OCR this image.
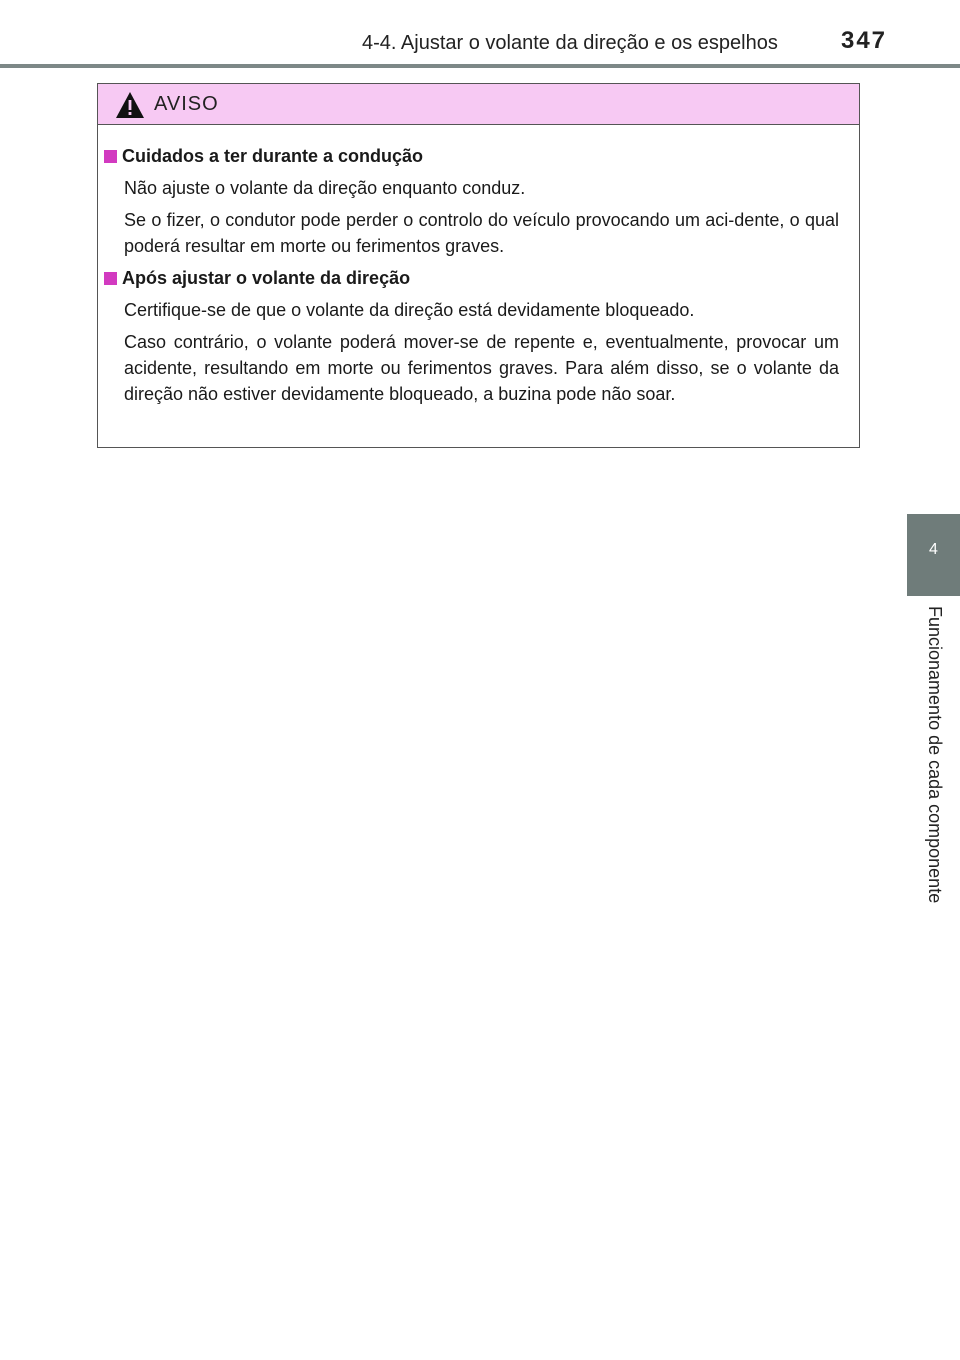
4-4. Ajustar o volante da direção e os espelhos	347
4
Funcionamento de cada componente
AVISO
Cuidados a ter durante a condução

Não ajuste o volante da direção enquanto conduz.

Se o fizer, o condutor pode perder o controlo do veículo provocando um aci-dente, o qual poderá resultar em morte ou ferimentos graves.

Após ajustar o volante da direção

Certifique-se de que o volante da direção está devidamente bloqueado.

Caso contrário, o volante poderá mover-se de repente e, eventualmente, provocar um acidente, resultando em morte ou ferimentos graves. Para além disso, se o volante da direção não estiver devidamente bloqueado, a buzina pode não soar.
